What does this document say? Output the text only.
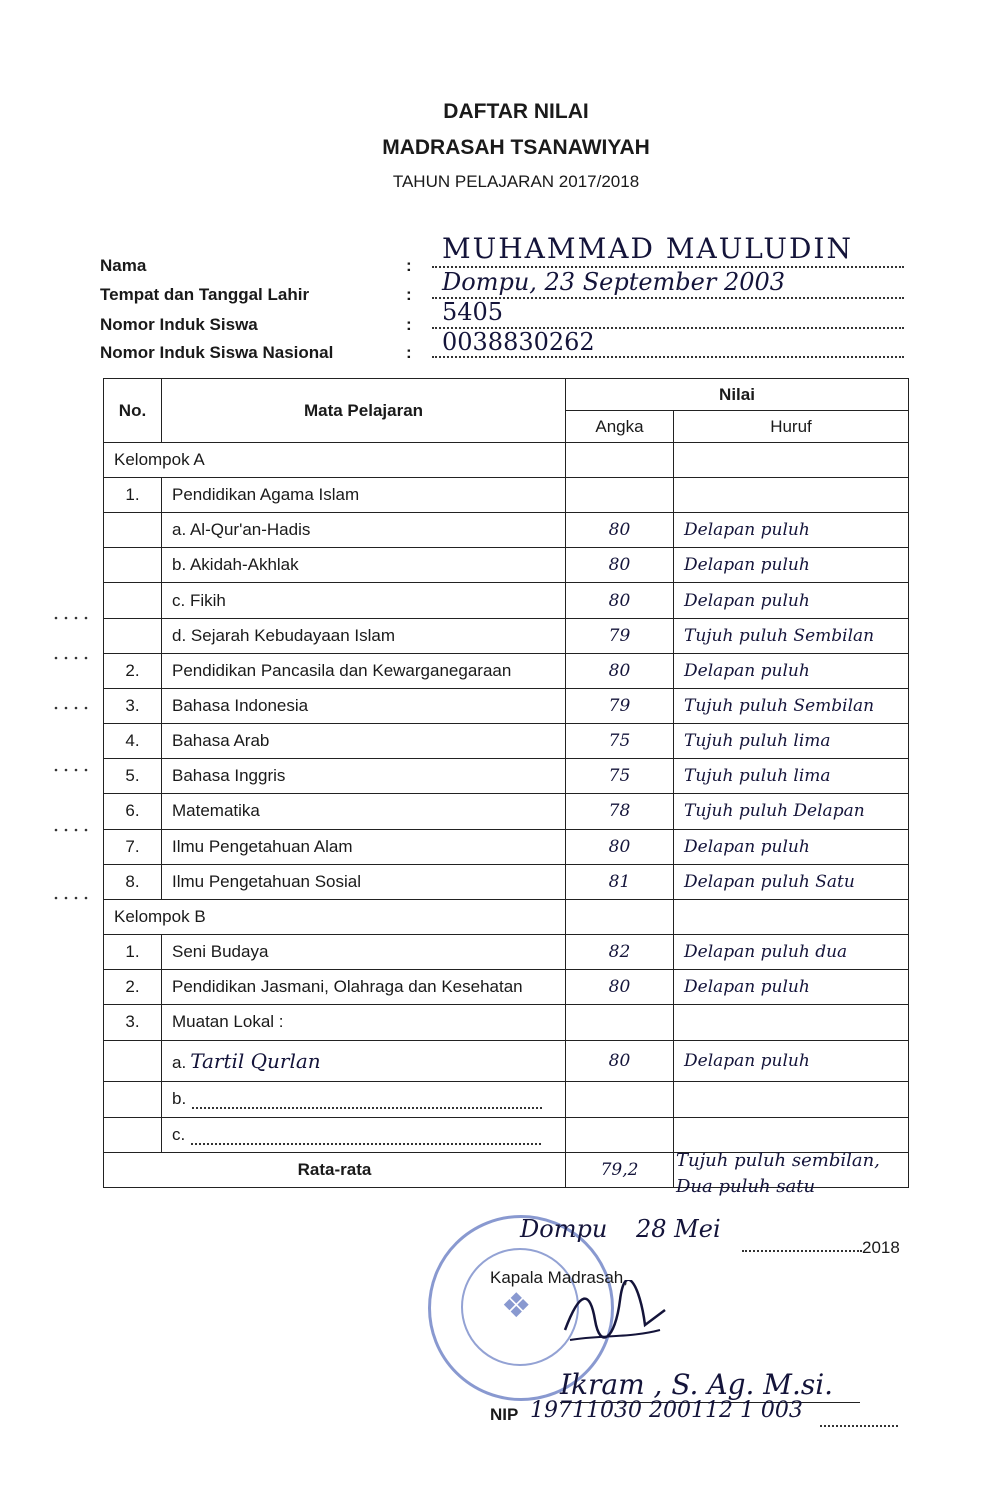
DAFTAR NILAI
MADRASAH TSANAWIYAH
TAHUN PELAJARAN 2017/2018
Nama	:
MUHAMMAD MAULUDIN
Tempat dan Tanggal Lahir	: Dompu, 23 September 2003
Nomor Induk Siswa	: 5405
Nomor Induk Siswa Nasional	: 0038830262
No.	Mata Pelajaran	Nilai	
		Angka	Huruf
Kelompok A			
1.	Pendidikan Agama Islam		
	a. Al-Qur'an-Hadis	80	Delapan puluh
	b. Akidah-Akhlak	80	Delapan puluh
	c. Fikih	80	Delapan puluh
	d. Sejarah Kebudayaan Islam	79	Tujuh puluh Sembilan
2.	Pendidikan Pancasila dan Kewarganegaraan	80	Delapan puluh
3.	Bahasa Indonesia	79	Tujuh puluh Sembilan
4.	Bahasa Arab	75	Tujuh puluh lima
5.	Bahasa Inggris	75	Tujuh puluh lima
6.	Matematika	78	Tujuh puluh Delapan
7.	Ilmu Pengetahuan Alam	80	Delapan puluh
8.	Ilmu Pengetahuan Sosial	81	Delapan puluh Satu
Kelompok B			
1.	Seni Budaya	82	Delapan puluh dua
2.	Pendidikan Jasmani, Olahraga dan Kesehatan	80	Delapan puluh
3.	Muatan Lokal :		
	a. Tartil Qurlan	80	Delapan puluh
	b.		
	c.		
Rata-rata		79,2	Tujuh puluh sembilan,
Dua puluh satu
❖
Dompu 28 Mei
2018
Kapala Madrasah,
Ikram , S. Ag. M.si.
NIP 19711030 200112 1 003
